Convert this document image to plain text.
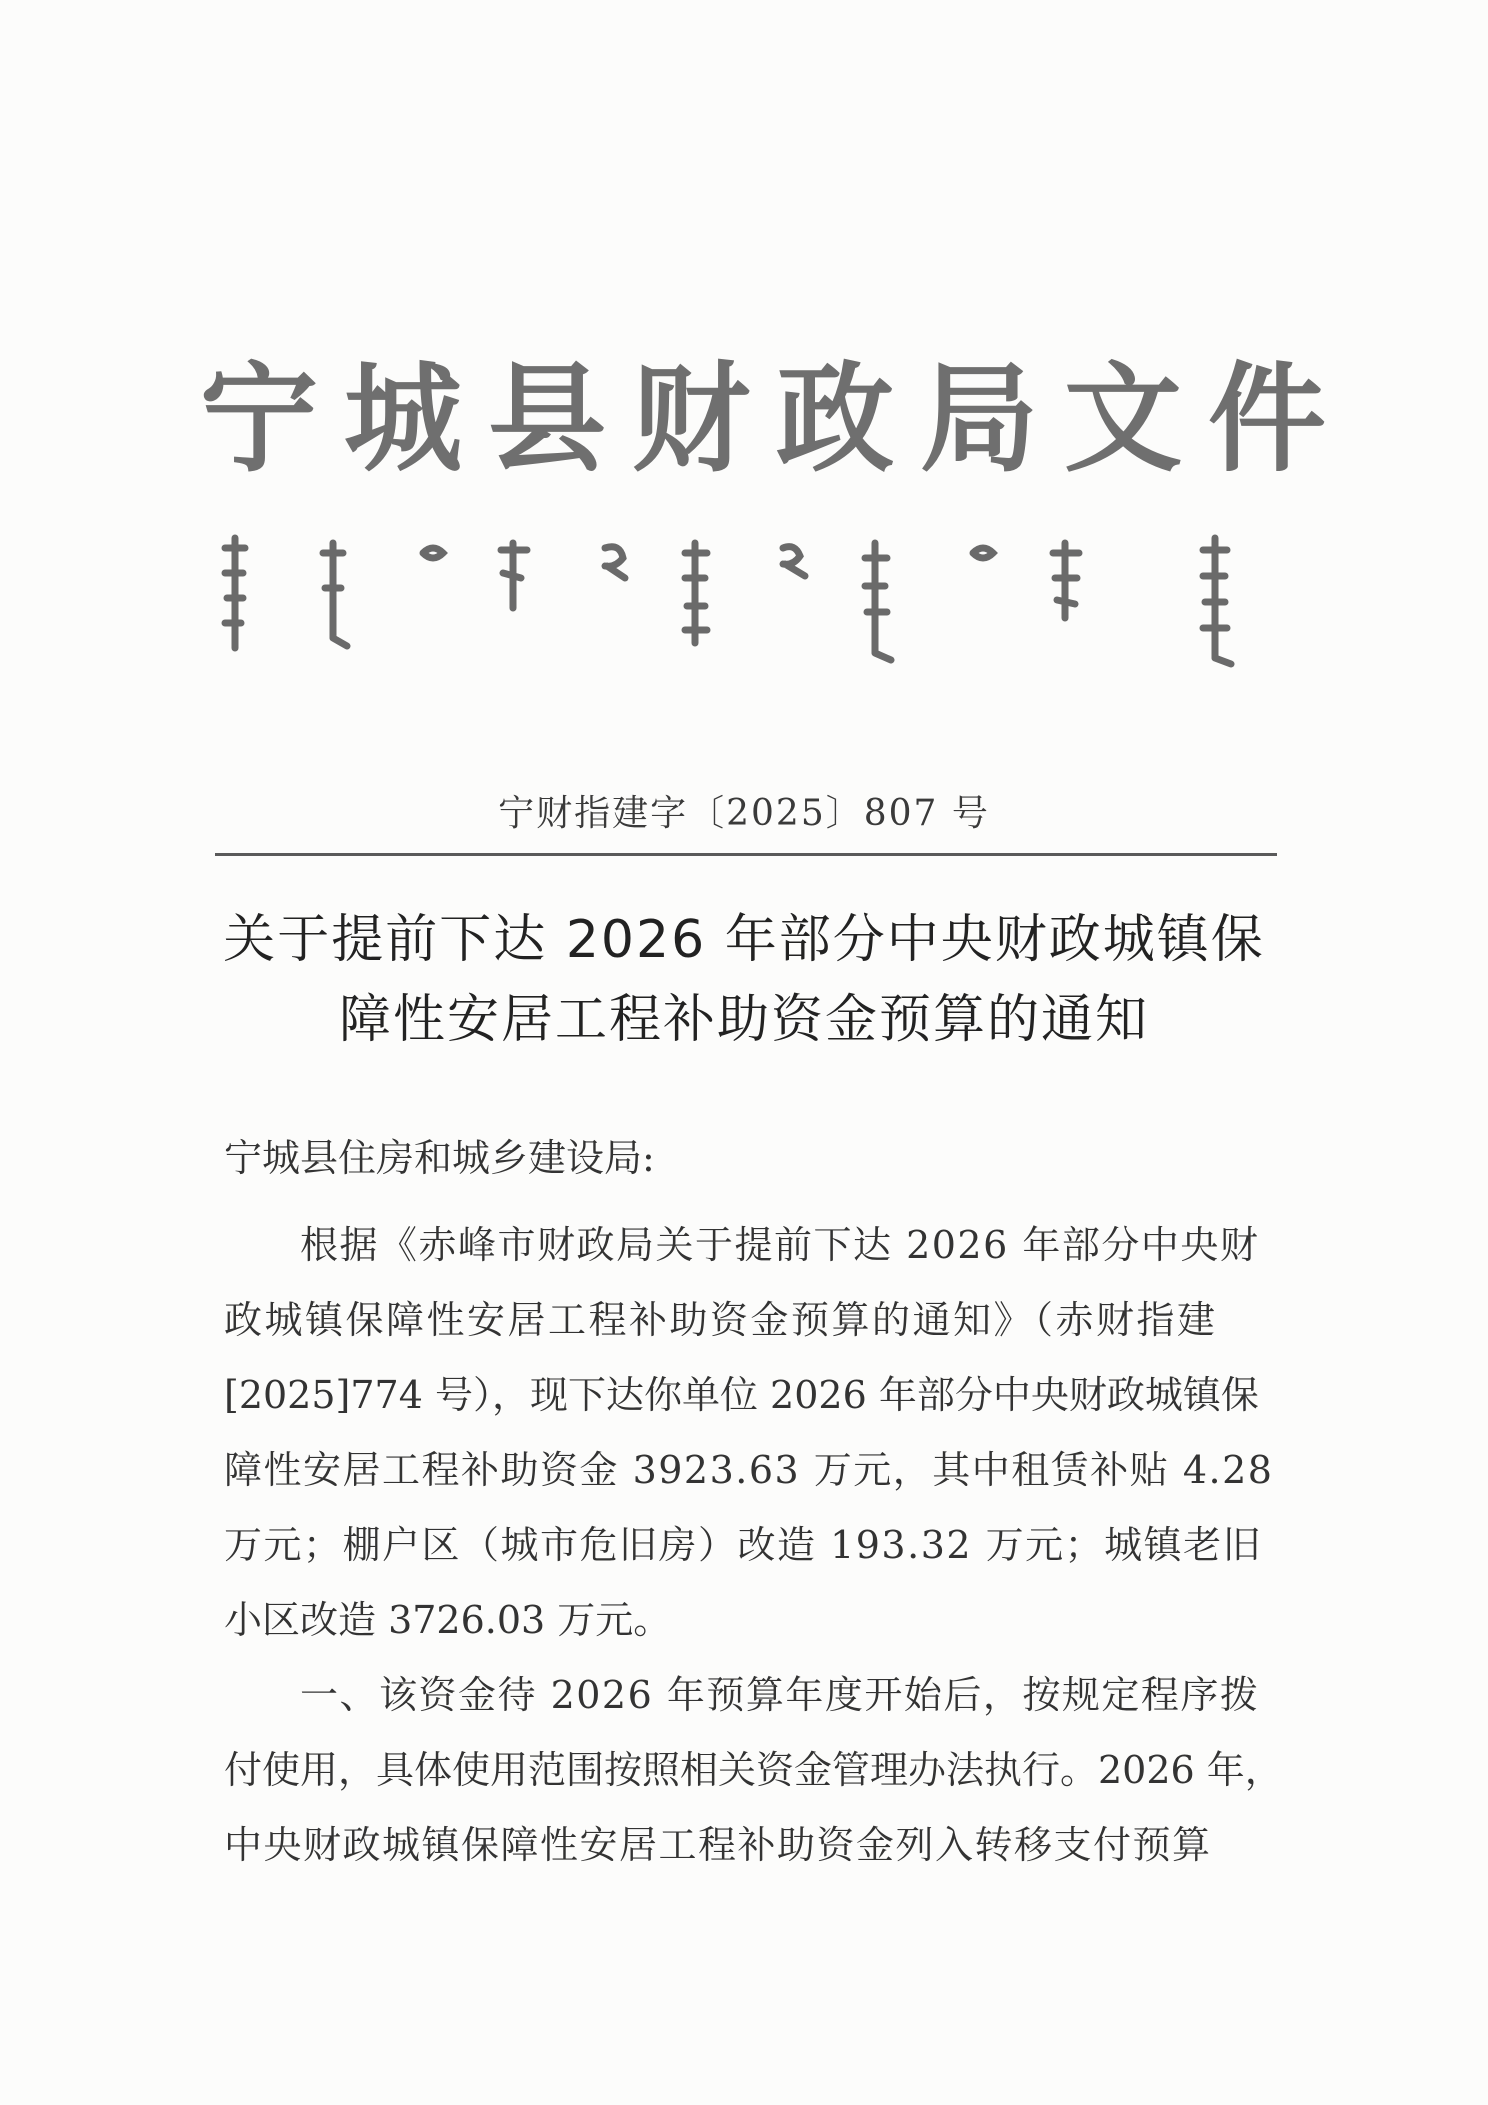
宁城县财政局文件
宁财指建字〔2025〕807 号
关于提前下达 2026 年部分中央财政城镇保
障性安居工程补助资金预算的通知
宁城县住房和城乡建设局:
根据《赤峰市财政局关于提前下达 2026 年部分中央财
政城镇保障性安居工程补助资金预算的通知》（赤财指建
[2025]774 号），现下达你单位 2026 年部分中央财政城镇保
障性安居工程补助资金 3923.63 万元，其中租赁补贴 4.28
万元；棚户区（城市危旧房）改造 193.32 万元；城镇老旧
小区改造 3726.03 万元。
一、该资金待 2026 年预算年度开始后，按规定程序拨
付使用，具体使用范围按照相关资金管理办法执行。2026 年，
中央财政城镇保障性安居工程补助资金列入转移支付预算
